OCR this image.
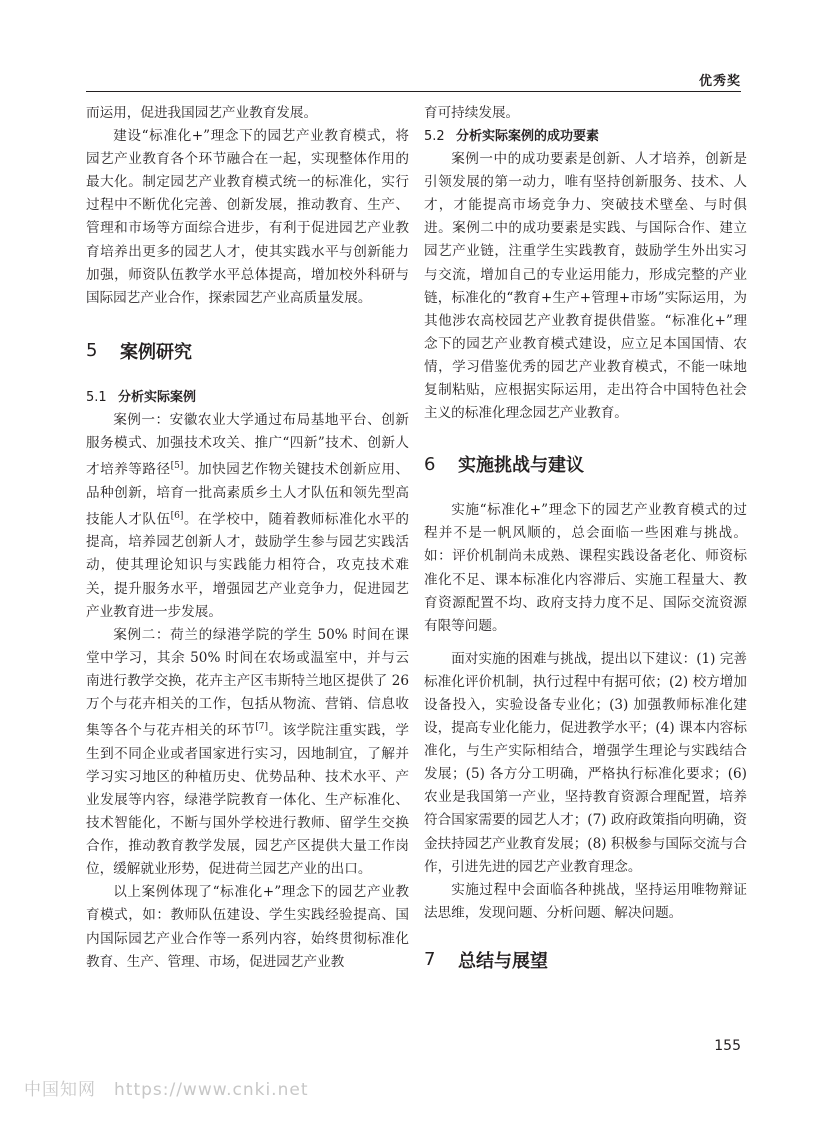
优秀奖

而运用，促进我国园艺产业教育发展。

建设“标准化+”理念下的园艺产业教育模式，将园艺产业教育各个环节融合在一起，实现整体作用的最大化。制定园艺产业教育模式统一的标准化，实行过程中不断优化完善、创新发展，推动教育、生产、管理和市场等方面综合进步，有利于促进园艺产业教育培养出更多的园艺人才，使其实践水平与创新能力加强，师资队伍教学水平总体提高，增加校外科研与国际园艺产业合作，探索园艺产业高质量发展。

5	案例研究
5.1 分析实际案例

案例一：安徽农业大学通过布局基地平台、创新服务模式、加强技术攻关、推广“四新”技术、创新人才培养等路径[5]。加快园艺作物关键技术创新应用、品种创新，培育一批高素质乡土人才队伍和领先型高技能人才队伍[6]。在学校中，随着教师标准化水平的提高，培养园艺创新人才，鼓励学生参与园艺实践活动，使其理论知识与实践能力相符合，攻克技术难关，提升服务水平，增强园艺产业竞争力，促进园艺产业教育进一步发展。

案例二：荷兰的绿港学院的学生 50% 时间在课堂中学习，其余 50% 时间在农场或温室中，并与云南进行教学交换，花卉主产区韦斯特兰地区提供了 26 万个与花卉相关的工作，包括从物流、营销、信息收集等各个与花卉相关的环节[7]。该学院注重实践，学生到不同企业或者国家进行实习，因地制宜，了解并学习实习地区的种植历史、优势品种、技术水平、产业发展等内容，绿港学院教育一体化、生产标准化、技术智能化，不断与国外学校进行教师、留学生交换合作，推动教育教学发展，园艺产区提供大量工作岗位，缓解就业形势，促进荷兰园艺产业的出口。

以上案例体现了“标准化+”理念下的园艺产业教育模式，如：教师队伍建设、学生实践经验提高、国内国际园艺产业合作等一系列内容，始终贯彻标准化教育、生产、管理、市场，促进园艺产业教

育可持续发展。

5.2 分析实际案例的成功要素

案例一中的成功要素是创新、人才培养，创新是引领发展的第一动力，唯有坚持创新服务、技术、人才，才能提高市场竞争力、突破技术壁垒、与时俱进。案例二中的成功要素是实践、与国际合作、建立园艺产业链，注重学生实践教育，鼓励学生外出实习与交流，增加自己的专业运用能力，形成完整的产业链，标准化的“教育+生产+管理+市场”实际运用，为其他涉农高校园艺产业教育提供借鉴。“标准化+”理念下的园艺产业教育模式建设，应立足本国国情、农情，学习借鉴优秀的园艺产业教育模式，不能一味地复制粘贴，应根据实际运用，走出符合中国特色社会主义的标准化理念园艺产业教育。

6	实施挑战与建议

实施“标准化+”理念下的园艺产业教育模式的过程并不是一帆风顺的，总会面临一些困难与挑战。如：评价机制尚未成熟、课程实践设备老化、师资标准化不足、课本标准化内容滞后、实施工程量大、教育资源配置不均、政府支持力度不足、国际交流资源有限等问题。

面对实施的困难与挑战，提出以下建议：(1) 完善标准化评价机制，执行过程中有据可依；(2) 校方增加设备投入，实验设备专业化；(3) 加强教师标准化建设，提高专业化能力，促进教学水平；(4) 课本内容标准化，与生产实际相结合，增强学生理论与实践结合发展；(5) 各方分工明确，严格执行标准化要求；(6) 农业是我国第一产业，坚持教育资源合理配置，培养符合国家需要的园艺人才；(7) 政府政策指向明确，资金扶持园艺产业教育发展；(8) 积极参与国际交流与合作，引进先进的园艺产业教育理念。

实施过程中会面临各种挑战，坚持运用唯物辩证法思维，发现问题、分析问题、解决问题。

7	总结与展望
155
中国知网　https://www.cnki.net
